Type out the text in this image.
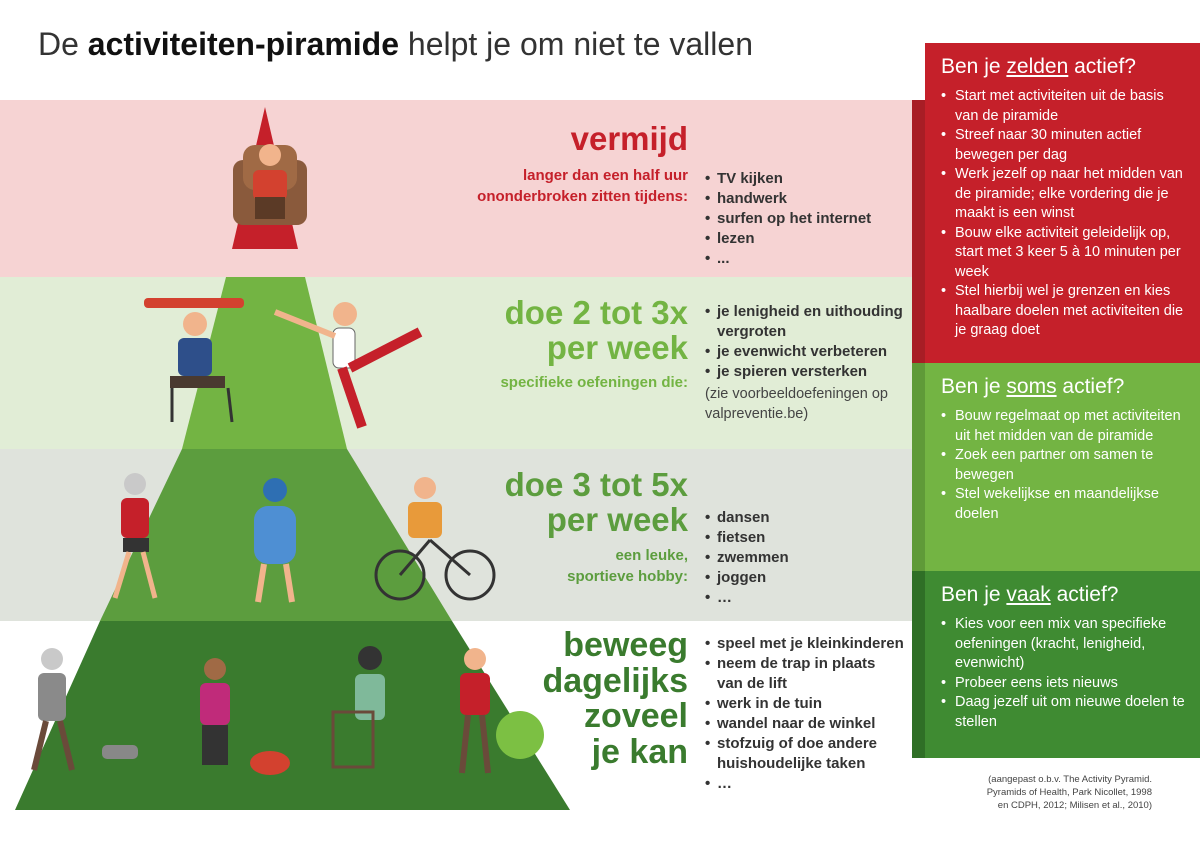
De activiteiten-piramide helpt je om niet te vallen
vermijd
langer dan een half uur
ononderbroken zitten tijdens:
• TV kijken
• handwerk
• surfen op het internet
• lezen
• ...
doe 2 tot 3x
per week
specifieke oefeningen die:
• je lenigheid en uithouding vergroten
• je evenwicht verbeteren
• je spieren versterken
(zie voorbeeldoefeningen op valpreventie.be)
doe 3 tot 5x
per week
een leuke,
sportieve hobby:
• dansen
• fietsen
• zwemmen
• joggen
• …
beweeg
dagelijks
zoveel
je kan
• speel met je kleinkinderen
• neem de trap in plaats van de lift
• werk in de tuin
• wandel naar de winkel
• stofzuig of doe andere huishoudelijke taken
• …
Ben je zelden actief?
• Start met activiteiten uit de basis van de piramide
• Streef naar 30 minuten actief bewegen per dag
• Werk jezelf op naar het midden van de piramide; elke vordering die je maakt is een winst
• Bouw elke activiteit geleidelijk op, start met 3 keer 5 à 10 minuten per week
• Stel hierbij wel je grenzen en kies haalbare doelen met activiteiten die je graag doet
Ben je soms actief?
• Bouw regelmaat op met activiteiten uit het midden van de piramide
• Zoek een partner om samen te bewegen
• Stel wekelijkse en maandelijkse doelen
Ben je vaak actief?
• Kies voor een mix van specifieke oefeningen (kracht, lenigheid, evenwicht)
• Probeer eens iets nieuws
• Daag jezelf uit om nieuwe doelen te stellen
(aangepast o.b.v. The Activity Pyramid.
Pyramids of Health, Park Nicollet, 1998
en CDPH, 2012; Milisen et al., 2010)
